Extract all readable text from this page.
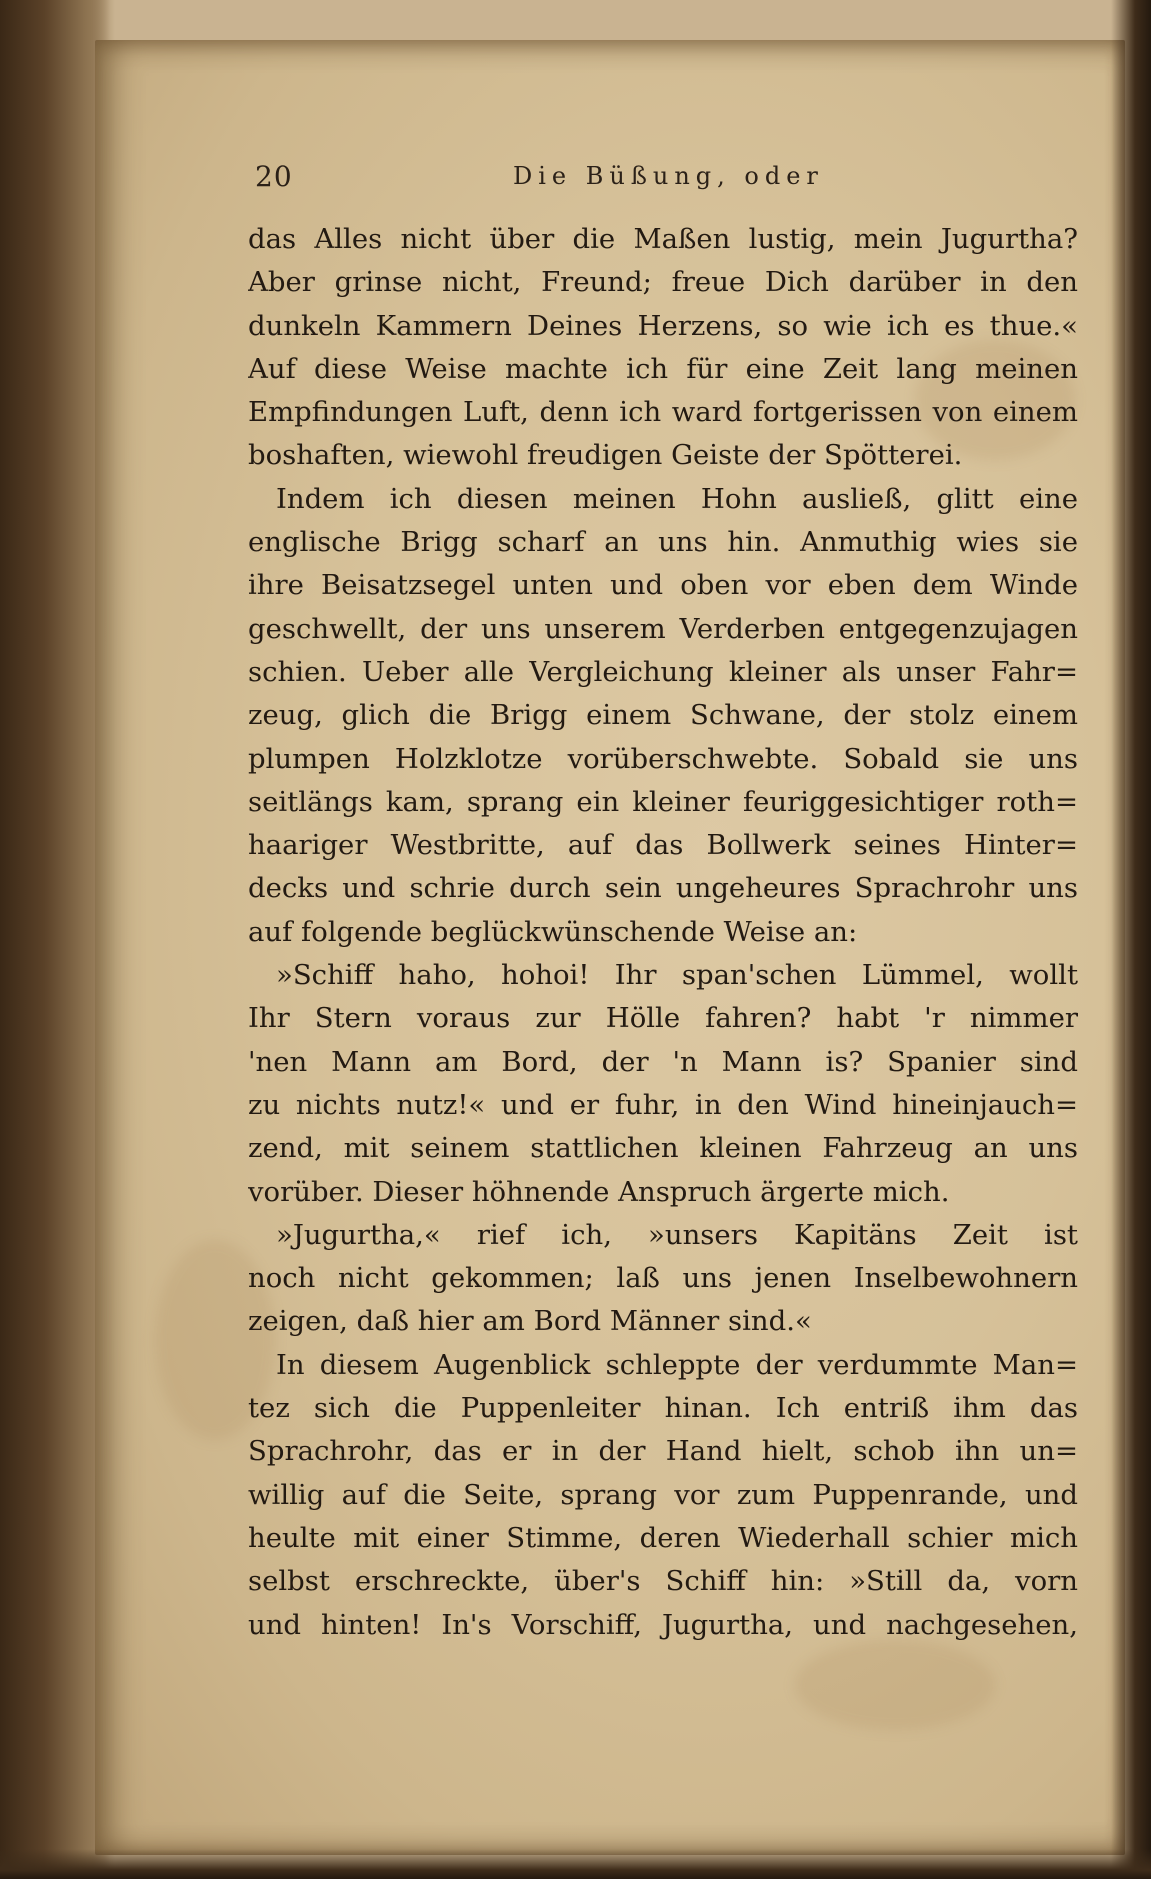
20	Die Büßung, oder
das Alles nicht über die Maßen lustig, mein Jugurtha?
Aber grinse nicht, Freund; freue Dich darüber in den
dunkeln Kammern Deines Herzens, so wie ich es thue.«
Auf diese Weise machte ich für eine Zeit lang meinen
Empfindungen Luft, denn ich ward fortgerissen von einem
boshaften, wiewohl freudigen Geiste der Spötterei.
Indem ich diesen meinen Hohn ausließ, glitt eine
englische Brigg scharf an uns hin. Anmuthig wies sie
ihre Beisatzsegel unten und oben vor eben dem Winde
geschwellt, der uns unserem Verderben entgegenzujagen
schien. Ueber alle Vergleichung kleiner als unser Fahr=
zeug, glich die Brigg einem Schwane, der stolz einem
plumpen Holzklotze vorüberschwebte. Sobald sie uns
seitlängs kam, sprang ein kleiner feuriggesichtiger roth=
haariger Westbritte, auf das Bollwerk seines Hinter=
decks und schrie durch sein ungeheures Sprachrohr uns
auf folgende beglückwünschende Weise an:
»Schiff haho, hohoi! Ihr span'schen Lümmel, wollt
Ihr Stern voraus zur Hölle fahren? habt 'r nimmer
'nen Mann am Bord, der 'n Mann is? Spanier sind
zu nichts nutz!« und er fuhr, in den Wind hineinjauch=
zend, mit seinem stattlichen kleinen Fahrzeug an uns
vorüber. Dieser höhnende Anspruch ärgerte mich.
»Jugurtha,« rief ich, »unsers Kapitäns Zeit ist
noch nicht gekommen; laß uns jenen Inselbewohnern
zeigen, daß hier am Bord Männer sind.«
In diesem Augenblick schleppte der verdummte Man=
tez sich die Puppenleiter hinan. Ich entriß ihm das
Sprachrohr, das er in der Hand hielt, schob ihn un=
willig auf die Seite, sprang vor zum Puppenrande, und
heulte mit einer Stimme, deren Wiederhall schier mich
selbst erschreckte, über's Schiff hin: »Still da, vorn
und hinten! In's Vorschiff, Jugurtha, und nachgesehen,
